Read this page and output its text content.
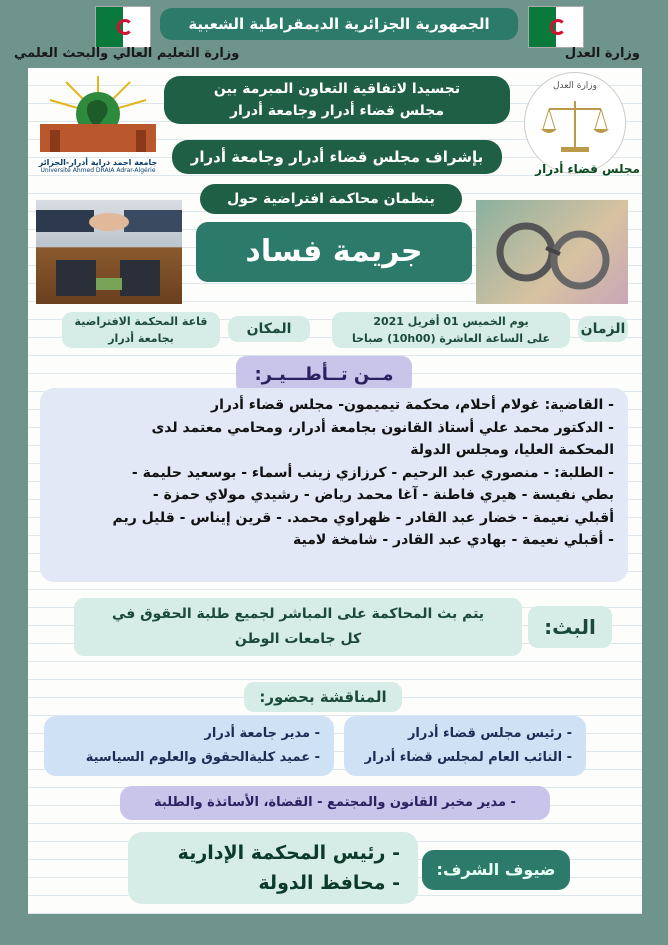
الجمهورية الجزائرية الديمقراطية الشعبية
وزارة التعليم العالي والبحث العلمي	وزارة العدل
جامعة احمد دراية أدرار-الجزائر
Université Ahmed DRAIA Adrar-Algérie
وزارة العدل
مجلس قضاء أدرار
تجسيدا لاتفاقية التعاون المبرمة بين
مجلس قضاء أدرار وجامعة أدرار
بإشراف مجلس قضاء أدرار وجامعة أدرار
ينظمان محاكمة افتراضية حول
جريمة فساد
الزمان
يوم الخميس 01 أفريل 2021
على الساعة العاشرة (10h00) صباحا
المكان
قاعة المحكمة الافتراضية
بجامعة أدرار
مــن تــأطـــيـر:
- القاضية: غولام أحلام، محكمة تيميمون- مجلس قضاء أدرار
- الدكتور محمد علي أستاذ القانون بجامعة أدرار، ومحامي معتمد لدى
المحكمة العليا، ومجلس الدولة
- الطلبة: - منصوري عبد الرحيم - كرزازي زينب أسماء - بوسعيد حليمة -
بطي نفيسة - هيري فاطنة - آغا محمد رياض - رشيدي مولاي حمزة -
أقبلي نعيمة - خضار عبد القادر - ظهراوي محمد. - قرين إيناس - قليل ريم
- أقبلي نعيمة - بهادي عبد القادر - شامخة لامية
البث:
يتم بث المحاكمة على المباشر لجميع طلبة الحقوق في
كل جامعات الوطن
المناقشة بحضور:
- رئيس مجلس قضاء أدرار
- النائب العام لمجلس قضاء أدرار
- مدير جامعة أدرار
- عميد كليةالحقوق والعلوم السياسية
- مدير مخبر القانون والمجتمع - القضاة، الأساتذة والطلبة
ضيوف الشرف:
- رئيس المحكمة الإدارية
- محافظ الدولة
